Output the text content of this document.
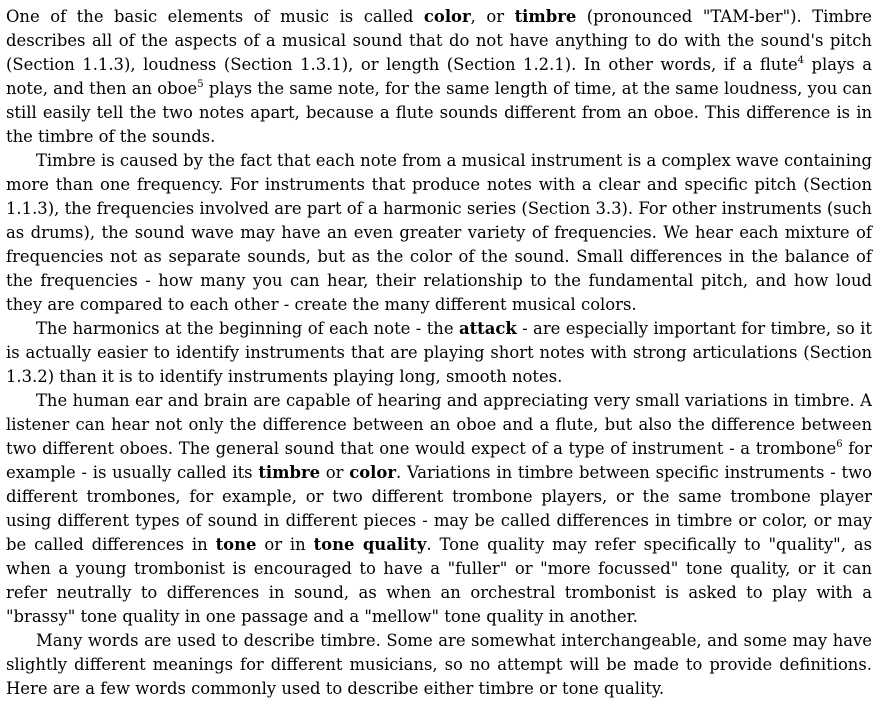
One of the basic elements of music is called color, or timbre (pronounced "TAM-ber"). Timbre describes all of the aspects of a musical sound that do not have anything to do with the sound's pitch (Section 1.1.3), loudness (Section 1.3.1), or length (Section 1.2.1). In other words, if a flute$^4$ plays a note, and then an oboe$^5$ plays the same note, for the same length of time, at the same loudness, you can still easily tell the two notes apart, because a flute sounds different from an oboe. This difference is in the timbre of the sounds.

Timbre is caused by the fact that each note from a musical instrument is a complex wave containing more than one frequency. For instruments that produce notes with a clear and specific pitch (Section 1.1.3), the frequencies involved are part of a harmonic series (Section 3.3). For other instruments (such as drums), the sound wave may have an even greater variety of frequencies. We hear each mixture of frequencies not as separate sounds, but as the color of the sound. Small differences in the balance of the frequencies - how many you can hear, their relationship to the fundamental pitch, and how loud they are compared to each other - create the many different musical colors.

The harmonics at the beginning of each note - the attack - are especially important for timbre, so it is actually easier to identify instruments that are playing short notes with strong articulations (Section 1.3.2) than it is to identify instruments playing long, smooth notes.

The human ear and brain are capable of hearing and appreciating very small variations in timbre. A listener can hear not only the difference between an oboe and a flute, but also the difference between two different oboes. The general sound that one would expect of a type of instrument - a trombone$^6$ for example - is usually called its timbre or color. Variations in timbre between specific instruments - two different trombones, for example, or two different trombone players, or the same trombone player using different types of sound in different pieces - may be called differences in timbre or color, or may be called differences in tone or in tone quality. Tone quality may refer specifically to "quality", as when a young trombonist is encouraged to have a "fuller" or "more focussed" tone quality, or it can refer neutrally to differences in sound, as when an orchestral trombonist is asked to play with a "brassy" tone quality in one passage and a "mellow" tone quality in another.

Many words are used to describe timbre. Some are somewhat interchangeable, and some may have slightly different meanings for different musicians, so no attempt will be made to provide definitions. Here are a few words commonly used to describe either timbre or tone quality.
